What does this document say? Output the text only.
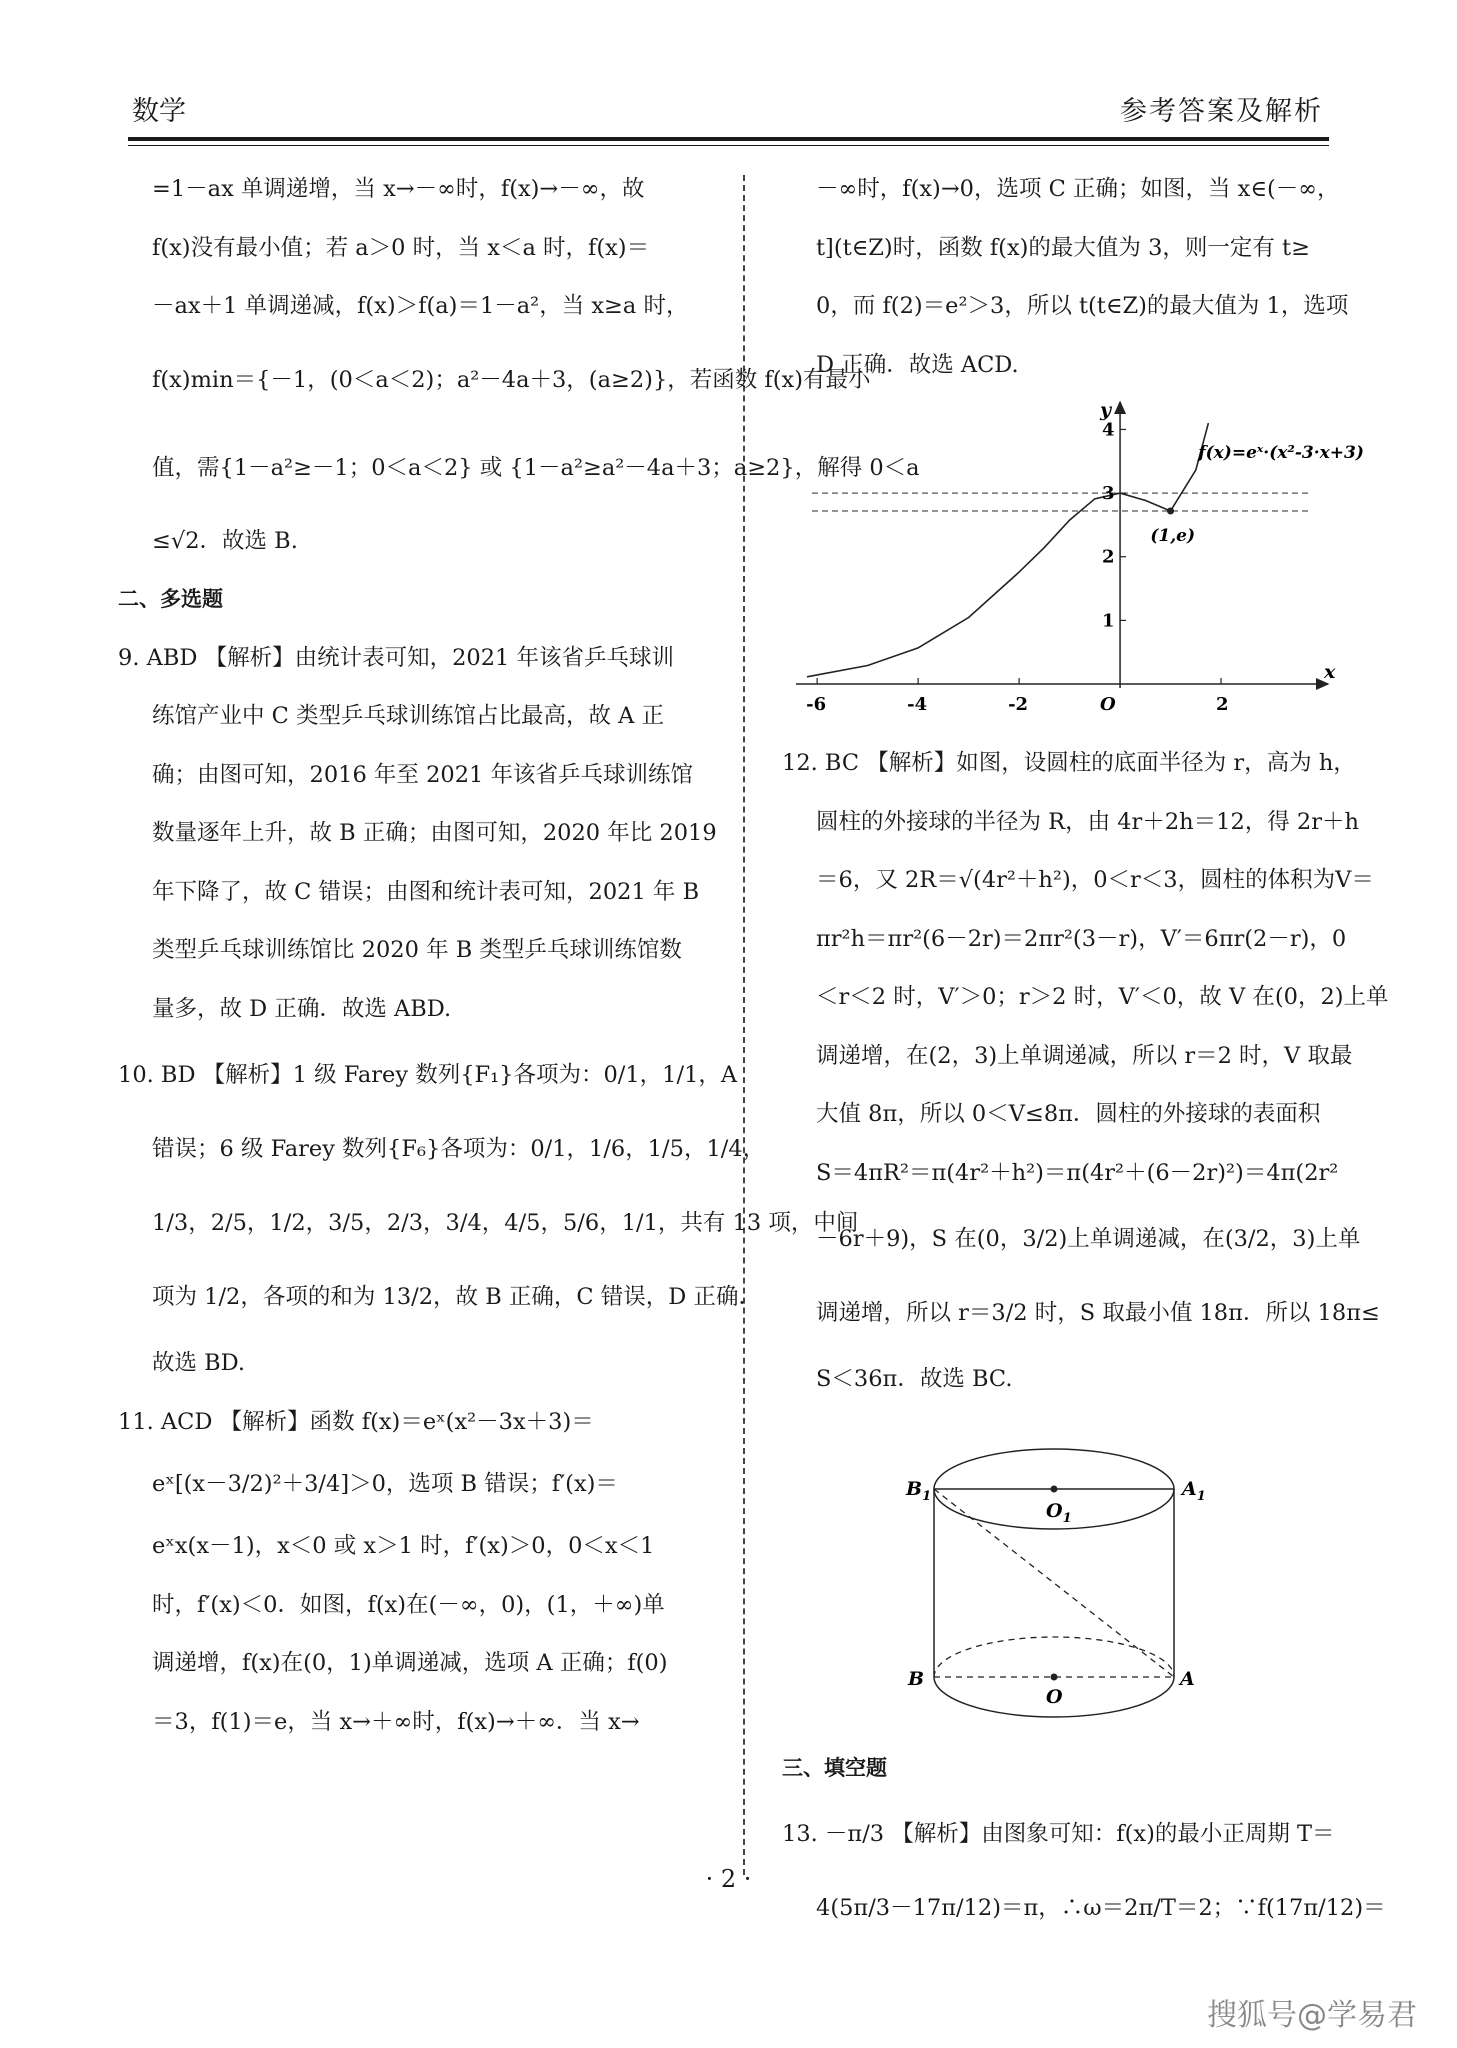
数学	参考答案及解析
=1－ax 单调递增，当 x→－∞时，f(x)→－∞，故
f(x)没有最小值；若 a＞0 时，当 x＜a 时，f(x)＝
－ax＋1 单调递减，f(x)＞f(a)＝1－a²，当 x≥a 时，
f(x)min＝{－1，(0＜a＜2)；a²－4a＋3，(a≥2)}，若函数 f(x)有最小
值，需{1－a²≥－1；0＜a＜2} 或 {1－a²≥a²－4a＋3；a≥2}，解得 0＜a
≤√2．故选 B.
二、多选题
9. ABD 【解析】由统计表可知，2021 年该省乒乓球训
练馆产业中 C 类型乒乓球训练馆占比最高，故 A 正
确；由图可知，2016 年至 2021 年该省乒乓球训练馆
数量逐年上升，故 B 正确；由图可知，2020 年比 2019
年下降了，故 C 错误；由图和统计表可知，2021 年 B
类型乒乓球训练馆比 2020 年 B 类型乒乓球训练馆数
量多，故 D 正确．故选 ABD.
10. BD 【解析】1 级 Farey 数列{F₁}各项为：0/1，1/1，A
错误；6 级 Farey 数列{F₆}各项为：0/1，1/6，1/5，1/4，
1/3，2/5，1/2，3/5，2/3，3/4，4/5，5/6，1/1，共有 13 项，中间
项为 1/2，各项的和为 13/2，故 B 正确，C 错误，D 正确．
故选 BD.
11. ACD 【解析】函数 f(x)＝eˣ(x²－3x＋3)＝
eˣ[(x－3/2)²＋3/4]＞0，选项 B 错误；f′(x)＝
eˣx(x－1)，x＜0 或 x＞1 时，f′(x)＞0，0＜x＜1
时，f′(x)＜0．如图，f(x)在(－∞，0)，(1，＋∞)单
调递增，f(x)在(0，1)单调递减，选项 A 正确；f(0)
＝3，f(1)＝e，当 x→＋∞时，f(x)→＋∞．当 x→
－∞时，f(x)→0，选项 C 正确；如图，当 x∈(－∞，
t](t∈Z)时，函数 f(x)的最大值为 3，则一定有 t≥
0，而 f(2)＝e²＞3，所以 t(t∈Z)的最大值为 1，选项
D 正确．故选 ACD.
-6	-4	-2	2
1
2
3
4
f(x)=eˣ·(x²-3·x+3)
(1,e)
x
y
O
12. BC 【解析】如图，设圆柱的底面半径为 r，高为 h，
圆柱的外接球的半径为 R，由 4r＋2h＝12，得 2r＋h
＝6，又 2R＝√(4r²＋h²)，0＜r＜3，圆柱的体积为V＝
πr²h＝πr²(6－2r)＝2πr²(3－r)，V′＝6πr(2－r)，0
＜r＜2 时，V′＞0；r＞2 时，V′＜0，故 V 在(0，2)上单
调递增，在(2，3)上单调递减，所以 r＝2 时，V 取最
大值 8π，所以 0＜V≤8π．圆柱的外接球的表面积
S＝4πR²＝π(4r²＋h²)＝π(4r²＋(6－2r)²)＝4π(2r²
－6r＋9)，S 在(0，3/2)上单调递减，在(3/2，3)上单
调递增，所以 r＝3/2 时，S 取最小值 18π．所以 18π≤
S＜36π．故选 BC.
$B_1$	$A_1$
$O_1$
B	A
O
三、填空题
13. －π/3 【解析】由图象可知：f(x)的最小正周期 T＝
4(5π/3－17π/12)＝π，∴ω＝2π/T＝2；∵f(17π/12)＝
· 2 ·
搜狐号@学易君
